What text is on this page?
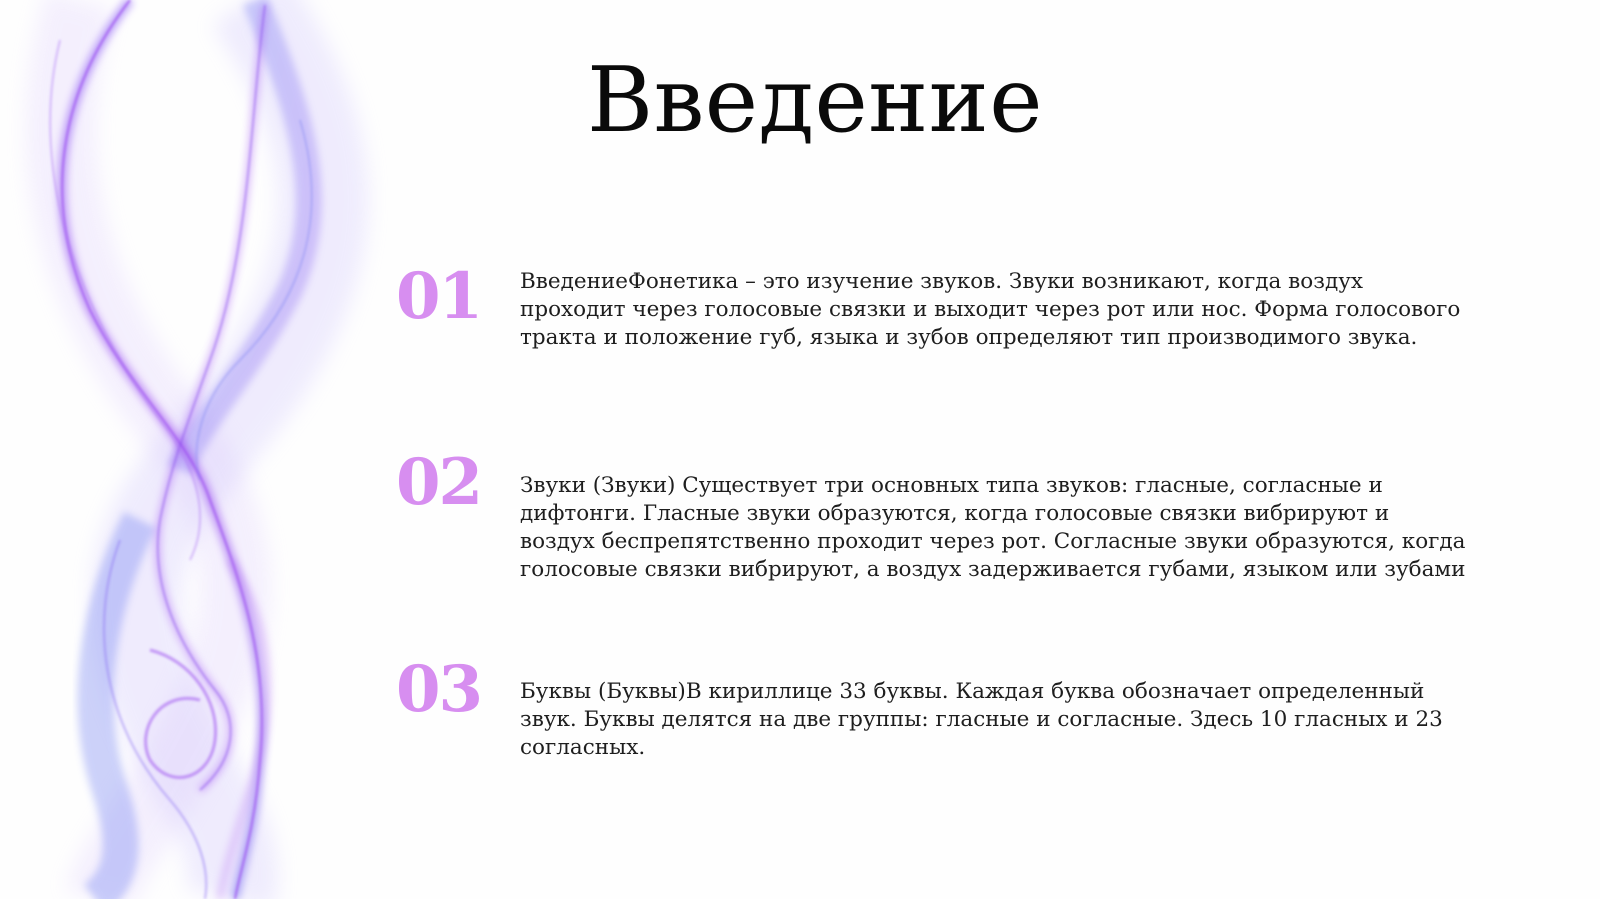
Введение
01 ВведениеФонетика – это изучение звуков. Звуки возникают, когда воздух проходит через голосовые связки и выходит через рот или нос. Форма голосового тракта и положение губ, языка и зубов определяют тип производимого звука.
02 Звуки (Звуки) Существует три основных типа звуков: гласные, согласные и дифтонги. Гласные звуки образуются, когда голосовые связки вибрируют и воздух беспрепятственно проходит через рот. Согласные звуки образуются, когда голосовые связки вибрируют, а воздух задерживается губами, языком или зубами
03 Буквы (Буквы)В кириллице 33 буквы. Каждая буква обозначает определенный звук. Буквы делятся на две группы: гласные и согласные. Здесь 10 гласных и 23 согласных.
